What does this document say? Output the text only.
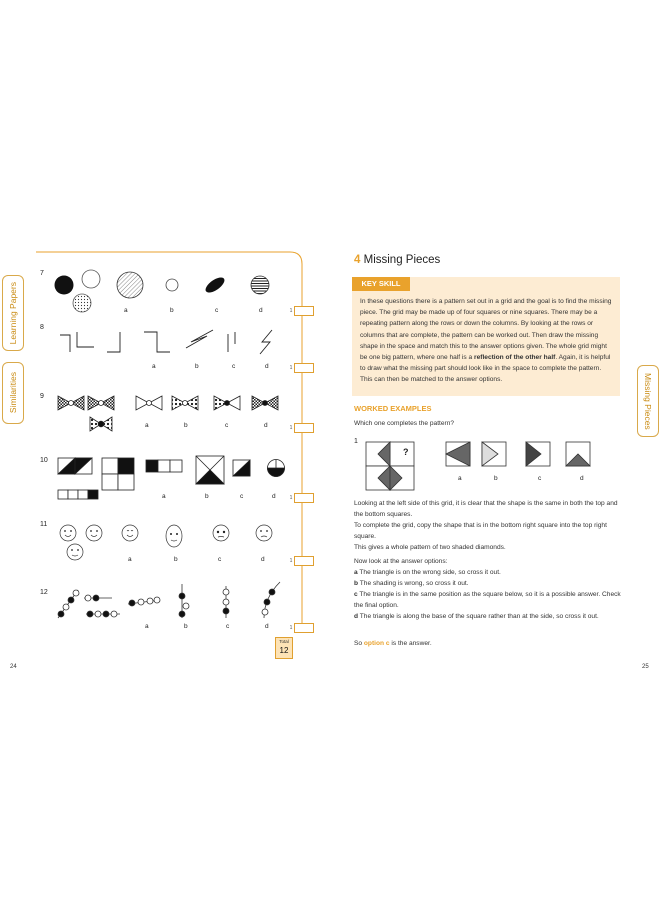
Learning Papers
Similarities
7
a	b	c	d	1
8
a	b	c	d	1
9
a	b	c	d	1
10
a	b	c	d	1
11
a	b	c	d	1
12
a	b	c	d	1
Total
12
24
4 Missing Pieces
Missing Pieces
KEY SKILL
In these questions there is a pattern set out in a grid and the goal is to find the missing piece. The grid may be made up of four squares or nine squares. There may be a repeating pattern along the rows or down the columns. By looking at the rows or columns that are complete, the pattern can be worked out. Then draw the missing shape in the space and match this to the answer options given. The whole grid might be one big pattern, where one half is a reflection of the other half. Again, it is helpful to draw what the missing part should look like in the space to complete the pattern. This can then be matched to the answer options.
WORKED EXAMPLES
Which one completes the pattern?
1
?
a	b	c	d
Looking at the left side of this grid, it is clear that the shape is the same in both the top and the bottom squares.
To complete the grid, copy the shape that is in the bottom right square into the top right square.
This gives a whole pattern of two shaded diamonds.
Now look at the answer options:
a The triangle is on the wrong side, so cross it out.
b The shading is wrong, so cross it out.
c The triangle is in the same position as the square below, so it is a possible answer. Check the final option.
d The triangle is along the base of the square rather than at the side, so cross it out.
So option c is the answer.
25
